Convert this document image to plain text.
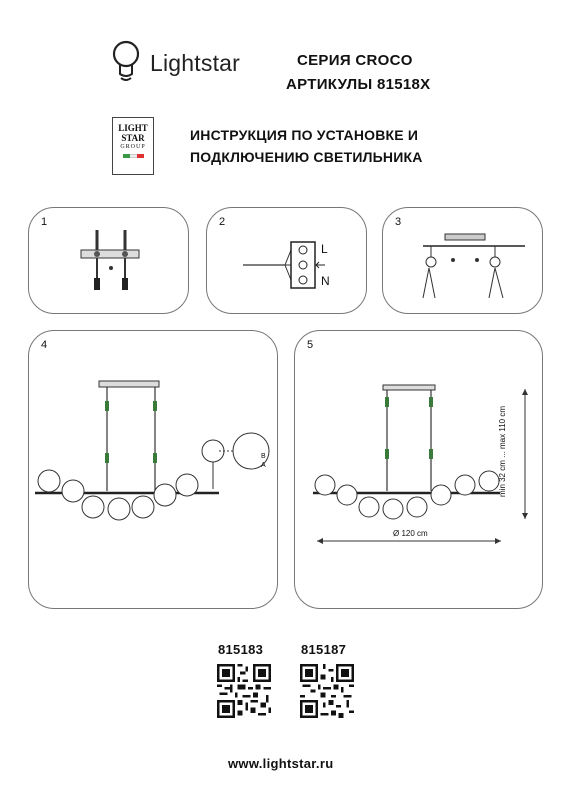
Lightstar	СЕРИЯ CROCO
АРТИКУЛЫ 81518X
LIGHT
STAR
GROUP
ИНСТРУКЦИЯ ПО УСТАНОВКЕ И
ПОДКЛЮЧЕНИЮ СВЕТИЛЬНИКА
1	2
L
N
3
4
B
A
5
Ø 120 cm
min 32 cm ... max 110 cm
815183	815187
www.lightstar.ru
